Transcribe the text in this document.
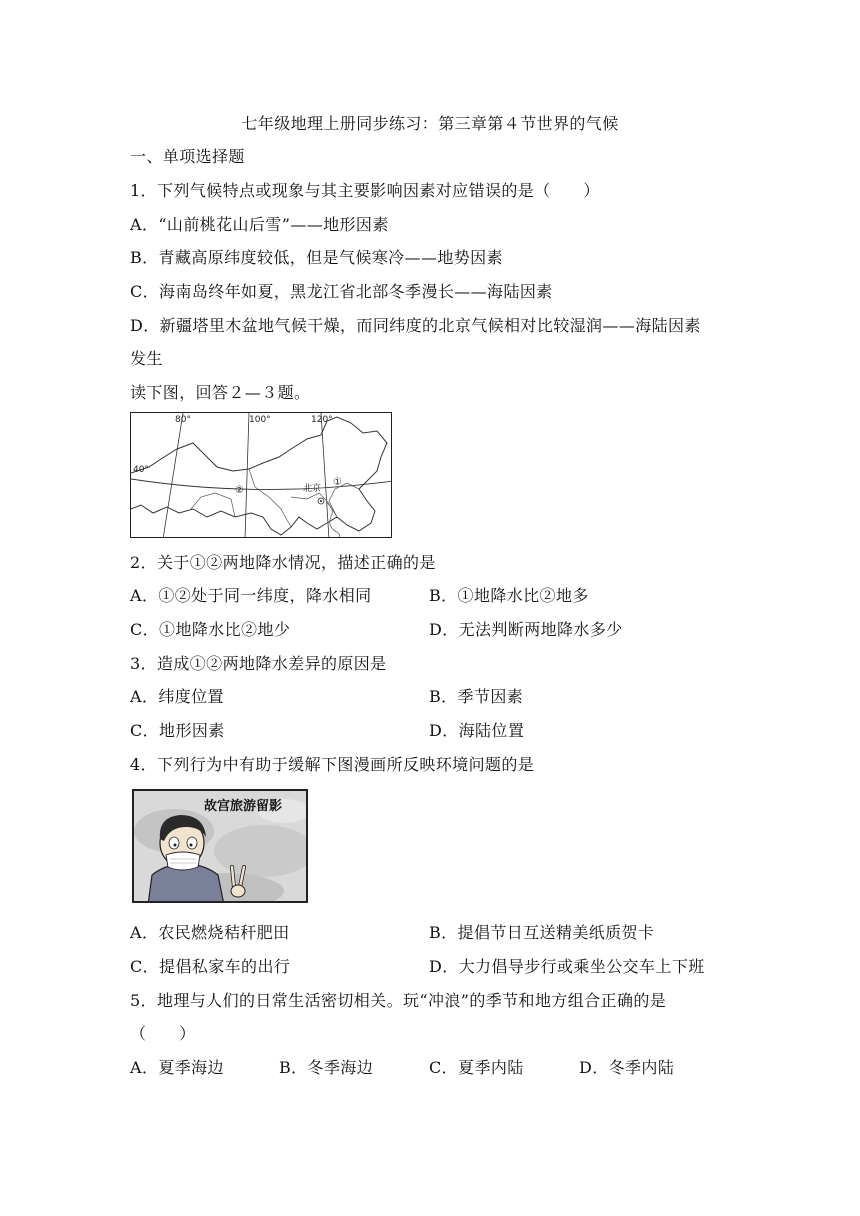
七年级地理上册同步练习：第三章第４节世界的气候
一、单项选择题
1．下列气候特点或现象与其主要影响因素对应错误的是（　　）
A．“山前桃花山后雪”——地形因素
B．青藏高原纬度较低，但是气候寒冷——地势因素
C．海南岛终年如夏，黑龙江省北部冬季漫长——海陆因素
D．新疆塔里木盆地气候干燥，而同纬度的北京气候相对比较湿润——海陆因素
发生
读下图，回答２—３题。
80°	100°	120°
40°
北京
①
②
2．关于①②两地降水情况，描述正确的是
A．①②处于同一纬度，降水相同	B．①地降水比②地多
C．①地降水比②地少	D．无法判断两地降水多少
3．造成①②两地降水差异的原因是
A．纬度位置	B．季节因素
C．地形因素	D．海陆位置
4．下列行为中有助于缓解下图漫画所反映环境问题的是
故宫旅游留影
A．农民燃烧秸秆肥田	B．提倡节日互送精美纸质贺卡
C．提倡私家车的出行	D．大力倡导步行或乘坐公交车上下班
5．地理与人们的日常生活密切相关。玩“冲浪”的季节和地方组合正确的是
（　　）
A．夏季海边	B．冬季海边	C．夏季内陆	D．冬季内陆
